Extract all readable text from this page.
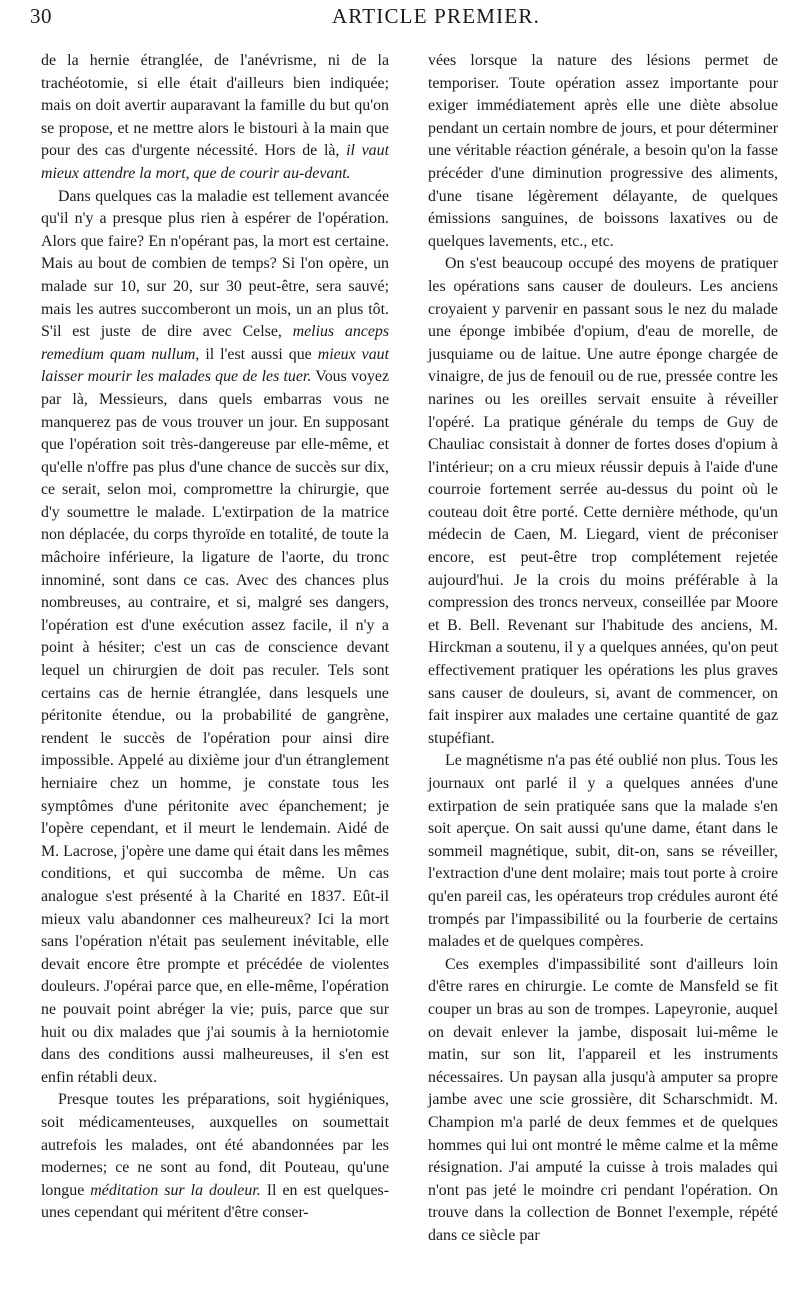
30	ARTICLE PREMIER.

de la hernie étranglée, de l'anévrisme, ni de la trachéotomie, si elle était d'ailleurs bien indiquée; mais on doit avertir auparavant la famille du but qu'on se propose, et ne mettre alors le bistouri à la main que pour des cas d'urgente nécessité. Hors de là, il vaut mieux attendre la mort, que de courir au-devant.

Dans quelques cas la maladie est tellement avancée qu'il n'y a presque plus rien à espérer de l'opération. Alors que faire? En n'opérant pas, la mort est certaine. Mais au bout de combien de temps? Si l'on opère, un malade sur 10, sur 20, sur 30 peut-être, sera sauvé; mais les autres succomberont un mois, un an plus tôt. S'il est juste de dire avec Celse, melius anceps remedium quam nullum, il l'est aussi que mieux vaut laisser mourir les malades que de les tuer. Vous voyez par là, Messieurs, dans quels embarras vous ne manquerez pas de vous trouver un jour. En supposant que l'opération soit très-dangereuse par elle-même, et qu'elle n'offre pas plus d'une chance de succès sur dix, ce serait, selon moi, compromettre la chirurgie, que d'y soumettre le malade. L'extirpation de la matrice non déplacée, du corps thyroïde en totalité, de toute la mâchoire inférieure, la ligature de l'aorte, du tronc innominé, sont dans ce cas. Avec des chances plus nombreuses, au contraire, et si, malgré ses dangers, l'opération est d'une exécution assez facile, il n'y a point à hésiter; c'est un cas de conscience devant lequel un chirurgien de doit pas reculer. Tels sont certains cas de hernie étranglée, dans lesquels une péritonite étendue, ou la probabilité de gangrène, rendent le succès de l'opération pour ainsi dire impossible. Appelé au dixième jour d'un étranglement herniaire chez un homme, je constate tous les symptômes d'une péritonite avec épanchement; je l'opère cependant, et il meurt le lendemain. Aidé de M. Lacrose, j'opère une dame qui était dans les mêmes conditions, et qui succomba de même. Un cas analogue s'est présenté à la Charité en 1837. Eût-il mieux valu abandonner ces malheureux? Ici la mort sans l'opération n'était pas seulement inévitable, elle devait encore être prompte et précédée de violentes douleurs. J'opérai parce que, en elle-même, l'opération ne pouvait point abréger la vie; puis, parce que sur huit ou dix malades que j'ai soumis à la herniotomie dans des conditions aussi malheureuses, il s'en est enfin rétabli deux.

Presque toutes les préparations, soit hygiéniques, soit médicamenteuses, auxquelles on soumettait autrefois les malades, ont été abandonnées par les modernes; ce ne sont au fond, dit Pouteau, qu'une longue méditation sur la douleur. Il en est quelques-unes cependant qui méritent d'être conser-

vées lorsque la nature des lésions permet de temporiser. Toute opération assez importante pour exiger immédiatement après elle une diète absolue pendant un certain nombre de jours, et pour déterminer une véritable réaction générale, a besoin qu'on la fasse précéder d'une diminution progressive des aliments, d'une tisane légèrement délayante, de quelques émissions sanguines, de boissons laxatives ou de quelques lavements, etc., etc.

On s'est beaucoup occupé des moyens de pratiquer les opérations sans causer de douleurs. Les anciens croyaient y parvenir en passant sous le nez du malade une éponge imbibée d'opium, d'eau de morelle, de jusquiame ou de laitue. Une autre éponge chargée de vinaigre, de jus de fenouil ou de rue, pressée contre les narines ou les oreilles servait ensuite à réveiller l'opéré. La pratique générale du temps de Guy de Chauliac consistait à donner de fortes doses d'opium à l'intérieur; on a cru mieux réussir depuis à l'aide d'une courroie fortement serrée au-dessus du point où le couteau doit être porté. Cette dernière méthode, qu'un médecin de Caen, M. Liegard, vient de préconiser encore, est peut-être trop complétement rejetée aujourd'hui. Je la crois du moins préférable à la compression des troncs nerveux, conseillée par Moore et B. Bell. Revenant sur l'habitude des anciens, M. Hirckman a soutenu, il y a quelques années, qu'on peut effectivement pratiquer les opérations les plus graves sans causer de douleurs, si, avant de commencer, on fait inspirer aux malades une certaine quantité de gaz stupéfiant.

Le magnétisme n'a pas été oublié non plus. Tous les journaux ont parlé il y a quelques années d'une extirpation de sein pratiquée sans que la malade s'en soit aperçue. On sait aussi qu'une dame, étant dans le sommeil magnétique, subit, dit-on, sans se réveiller, l'extraction d'une dent molaire; mais tout porte à croire qu'en pareil cas, les opérateurs trop crédules auront été trompés par l'impassibilité ou la fourberie de certains malades et de quelques compères.

Ces exemples d'impassibilité sont d'ailleurs loin d'être rares en chirurgie. Le comte de Mansfeld se fit couper un bras au son de trompes. Lapeyronie, auquel on devait enlever la jambe, disposait lui-même le matin, sur son lit, l'appareil et les instruments nécessaires. Un paysan alla jusqu'à amputer sa propre jambe avec une scie grossière, dit Scharschmidt. M. Champion m'a parlé de deux femmes et de quelques hommes qui lui ont montré le même calme et la même résignation. J'ai amputé la cuisse à trois malades qui n'ont pas jeté le moindre cri pendant l'opération. On trouve dans la collection de Bonnet l'exemple, répété dans ce siècle par
